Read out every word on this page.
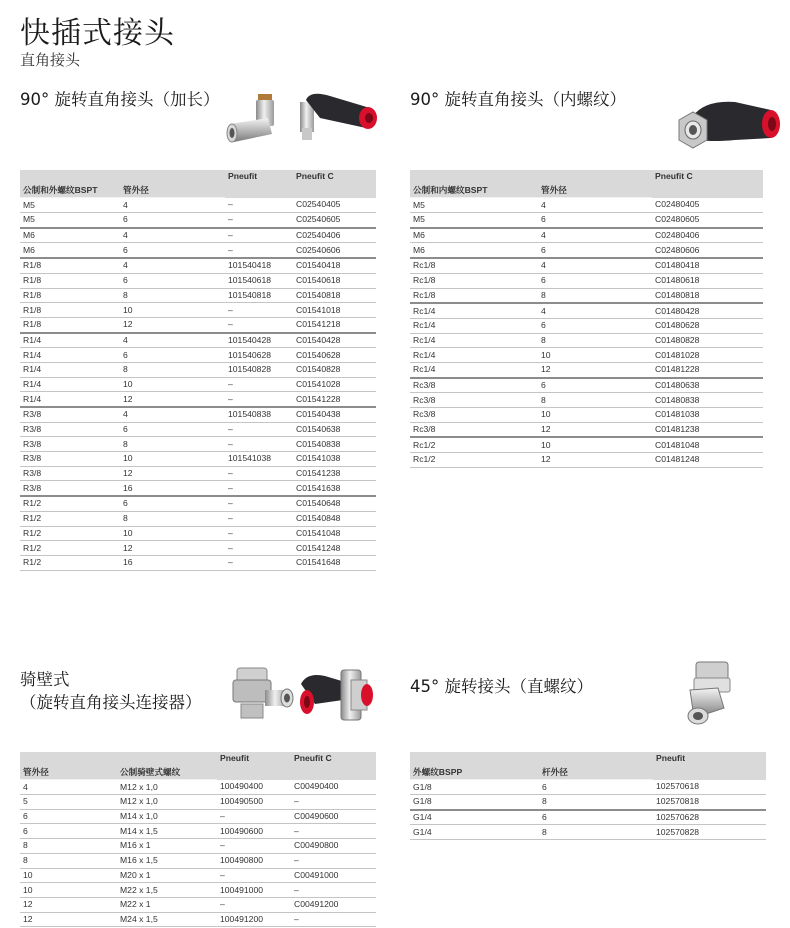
快插式接头
直角接头
90° 旋转直角接头（加长）	90° 旋转直角接头（内螺纹）
骑壁式
（旋转直角接头连接器）
45° 旋转接头（直螺纹）
		Pneufit	Pneufit C
公制和外螺纹BSPT	管外径		
M5	4	–	C02540405
M5	6	–	C02540605
M6	4	–	C02540406
M6	6	–	C02540606
R1/8	4	101540418	C01540418
R1/8	6	101540618	C01540618
R1/8	8	101540818	C01540818
R1/8	10	–	C01541018
R1/8	12	–	C01541218
R1/4	4	101540428	C01540428
R1/4	6	101540628	C01540628
R1/4	8	101540828	C01540828
R1/4	10	–	C01541028
R1/4	12	–	C01541228
R3/8	4	101540838	C01540438
R3/8	6	–	C01540638
R3/8	8	–	C01540838
R3/8	10	101541038	C01541038
R3/8	12	–	C01541238
R3/8	16	–	C01541638
R1/2	6	–	C01540648
R1/2	8	–	C01540848
R1/2	10	–	C01541048
R1/2	12	–	C01541248
R1/2	16	–	C01541648
		Pneufit C
公制和内螺纹BSPT	管外径	
M5	4	C02480405
M5	6	C02480605
M6	4	C02480406
M6	6	C02480606
Rc1/8	4	C01480418
Rc1/8	6	C01480618
Rc1/8	8	C01480818
Rc1/4	4	C01480428
Rc1/4	6	C01480628
Rc1/4	8	C01480828
Rc1/4	10	C01481028
Rc1/4	12	C01481228
Rc3/8	6	C01480638
Rc3/8	8	C01480838
Rc3/8	10	C01481038
Rc3/8	12	C01481238
Rc1/2	10	C01481048
Rc1/2	12	C01481248
		Pneufit	Pneufit C
管外径	公制骑壁式螺纹		
4	M12 x 1,0	100490400	C00490400
5	M12 x 1,0	100490500	–
6	M14 x 1,0	–	C00490600
6	M14 x 1,5	100490600	–
8	M16 x 1	–	C00490800
8	M16 x 1,5	100490800	–
10	M20 x 1	–	C00491000
10	M22 x 1,5	100491000	–
12	M22 x 1	–	C00491200
12	M24 x 1,5	100491200	–
		Pneufit
外螺纹BSPP	杆外径	
G1/8	6	102570618
G1/8	8	102570818
G1/4	6	102570628
G1/4	8	102570828
